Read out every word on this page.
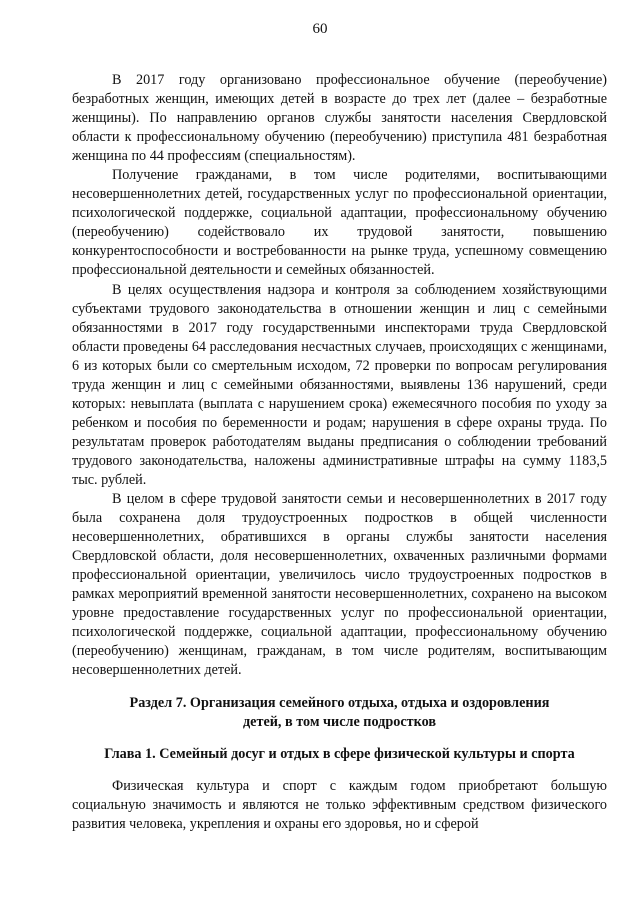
60

В 2017 году организовано профессиональное обучение (переобучение) безработных женщин, имеющих детей в возрасте до трех лет (далее – безработные женщины). По направлению органов службы занятости населения Свердловской области к профессиональному обучению (переобучению) приступила 481 безработная женщина по 44 профессиям (специальностям).

Получение гражданами, в том числе родителями, воспитывающими несовершеннолетних детей, государственных услуг по профессиональной ориентации, психологической поддержке, социальной адаптации, профессиональному обучению (переобучению) содействовало их трудовой занятости, повышению конкурентоспособности и востребованности на рынке труда, успешному совмещению профессиональной деятельности и семейных обязанностей.

В целях осуществления надзора и контроля за соблюдением хозяйствующими субъектами трудового законодательства в отношении женщин и лиц с семейными обязанностями в 2017 году государственными инспекторами труда Свердловской области проведены 64 расследования несчастных случаев, происходящих с женщинами, 6 из которых были со смертельным исходом, 72 проверки по вопросам регулирования труда женщин и лиц с семейными обязанностями, выявлены 136 нарушений, среди которых: невыплата (выплата с нарушением срока) ежемесячного пособия по уходу за ребенком и пособия по беременности и родам; нарушения в сфере охраны труда. По результатам проверок работодателям выданы предписания о соблюдении требований трудового законодательства, наложены административные штрафы на сумму 1183,5 тыс. рублей.

В целом в сфере трудовой занятости семьи и несовершеннолетних в 2017 году была сохранена доля трудоустроенных подростков в общей численности несовершеннолетних, обратившихся в органы службы занятости населения Свердловской области, доля несовершеннолетних, охваченных различными формами профессиональной ориентации, увеличилось число трудоустроенных подростков в рамках мероприятий временной занятости несовершеннолетних, сохранено на высоком уровне предоставление государственных услуг по профессиональной ориентации, психологической поддержке, социальной адаптации, профессиональному обучению (переобучению) женщинам, гражданам, в том числе родителям, воспитывающим несовершеннолетних детей.

Раздел 7. Организация семейного отдыха, отдыха и оздоровления
детей, в том числе подростков
Глава 1. Семейный досуг и отдых в сфере физической культуры и спорта

Физическая культура и спорт с каждым годом приобретают большую социальную значимость и являются не только эффективным средством физического развития человека, укрепления и охраны его здоровья, но и сферой
